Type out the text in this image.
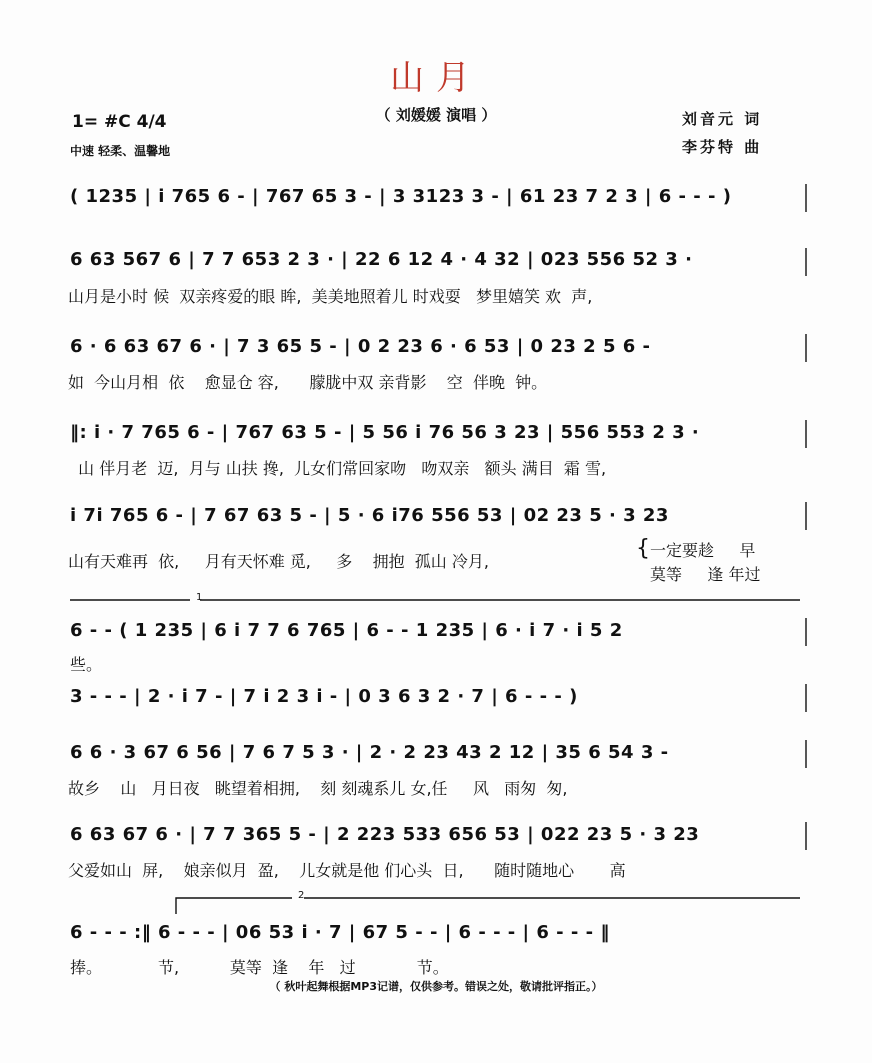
山月
（ 刘媛媛 演唱 ）
1= #C 4/4
中速 轻柔、温馨地
刘音元 词
李芬特 曲
( 1235 | i 765 6 - | 767 65 3 - | 3 3123 3 - | 61 23 7 2 3 | 6 - - - )
6 63 567 6 | 7 7 653 2 3 · | 22 6 12 4 · 4 32 | 023 556 52 3 ·
山月是小时 候  双亲疼爱的眼 眸,  美美地照着儿 时戏耍   梦里嬉笑 欢  声,
6 · 6 63 67 6 · | 7 3 65 5 - | 0 2 23 6 · 6 53 | 0 23 2 5 6 -
如  今山月相  依    愈显仓 容,      朦胧中双 亲背影    空  伴晚  钟。
‖: i · 7 765 6 - | 767 63 5 - | 5 56 i 76 56 3 23 | 556 553 2 3 ·
山 伴月老  迈,  月与 山扶 搀,  儿女们常回家吻   吻双亲   额头 满目  霜 雪,
i 7i 765 6 - | 7 67 63 5 - | 5 · 6 i76 556 53 | 02 23 5 · 3 23
山有天难再  依,     月有天怀难 觅,     多    拥抱  孤山 冷月,
{ 一定要趁     早
莫等     逢 年过
1
6 - - ( 1 235 | 6 i 7 7 6 765 | 6 - - 1 235 | 6 · i 7 · i 5 2
些。
3 - - - | 2 · i 7 - | 7 i 2 3 i - | 0 3 6 3 2 · 7 | 6 - - - )
6 6 · 3 67 6 56 | 7 6 7 5 3 · | 2 · 2 23 43 2 12 | 35 6 54 3 -
故乡    山   月日夜   眺望着相拥,    刻 刻魂系儿 女,任     风   雨匆  匆,
6 63 67 6 · | 7 7 365 5 - | 2 223 533 656 53 | 022 23 5 · 3 23
父爱如山  屏,    娘亲似月  盈,    儿女就是他 们心头  日,      随时随地心       高
2
6 - - - :‖ 6 - - - | 06 53 i · 7 | 67 5 - - | 6 - - - | 6 - - - ‖
捧。           节,          莫等  逢    年   过            节。
（ 秋叶起舞根据MP3记谱，仅供参考。错误之处，敬请批评指正。）
